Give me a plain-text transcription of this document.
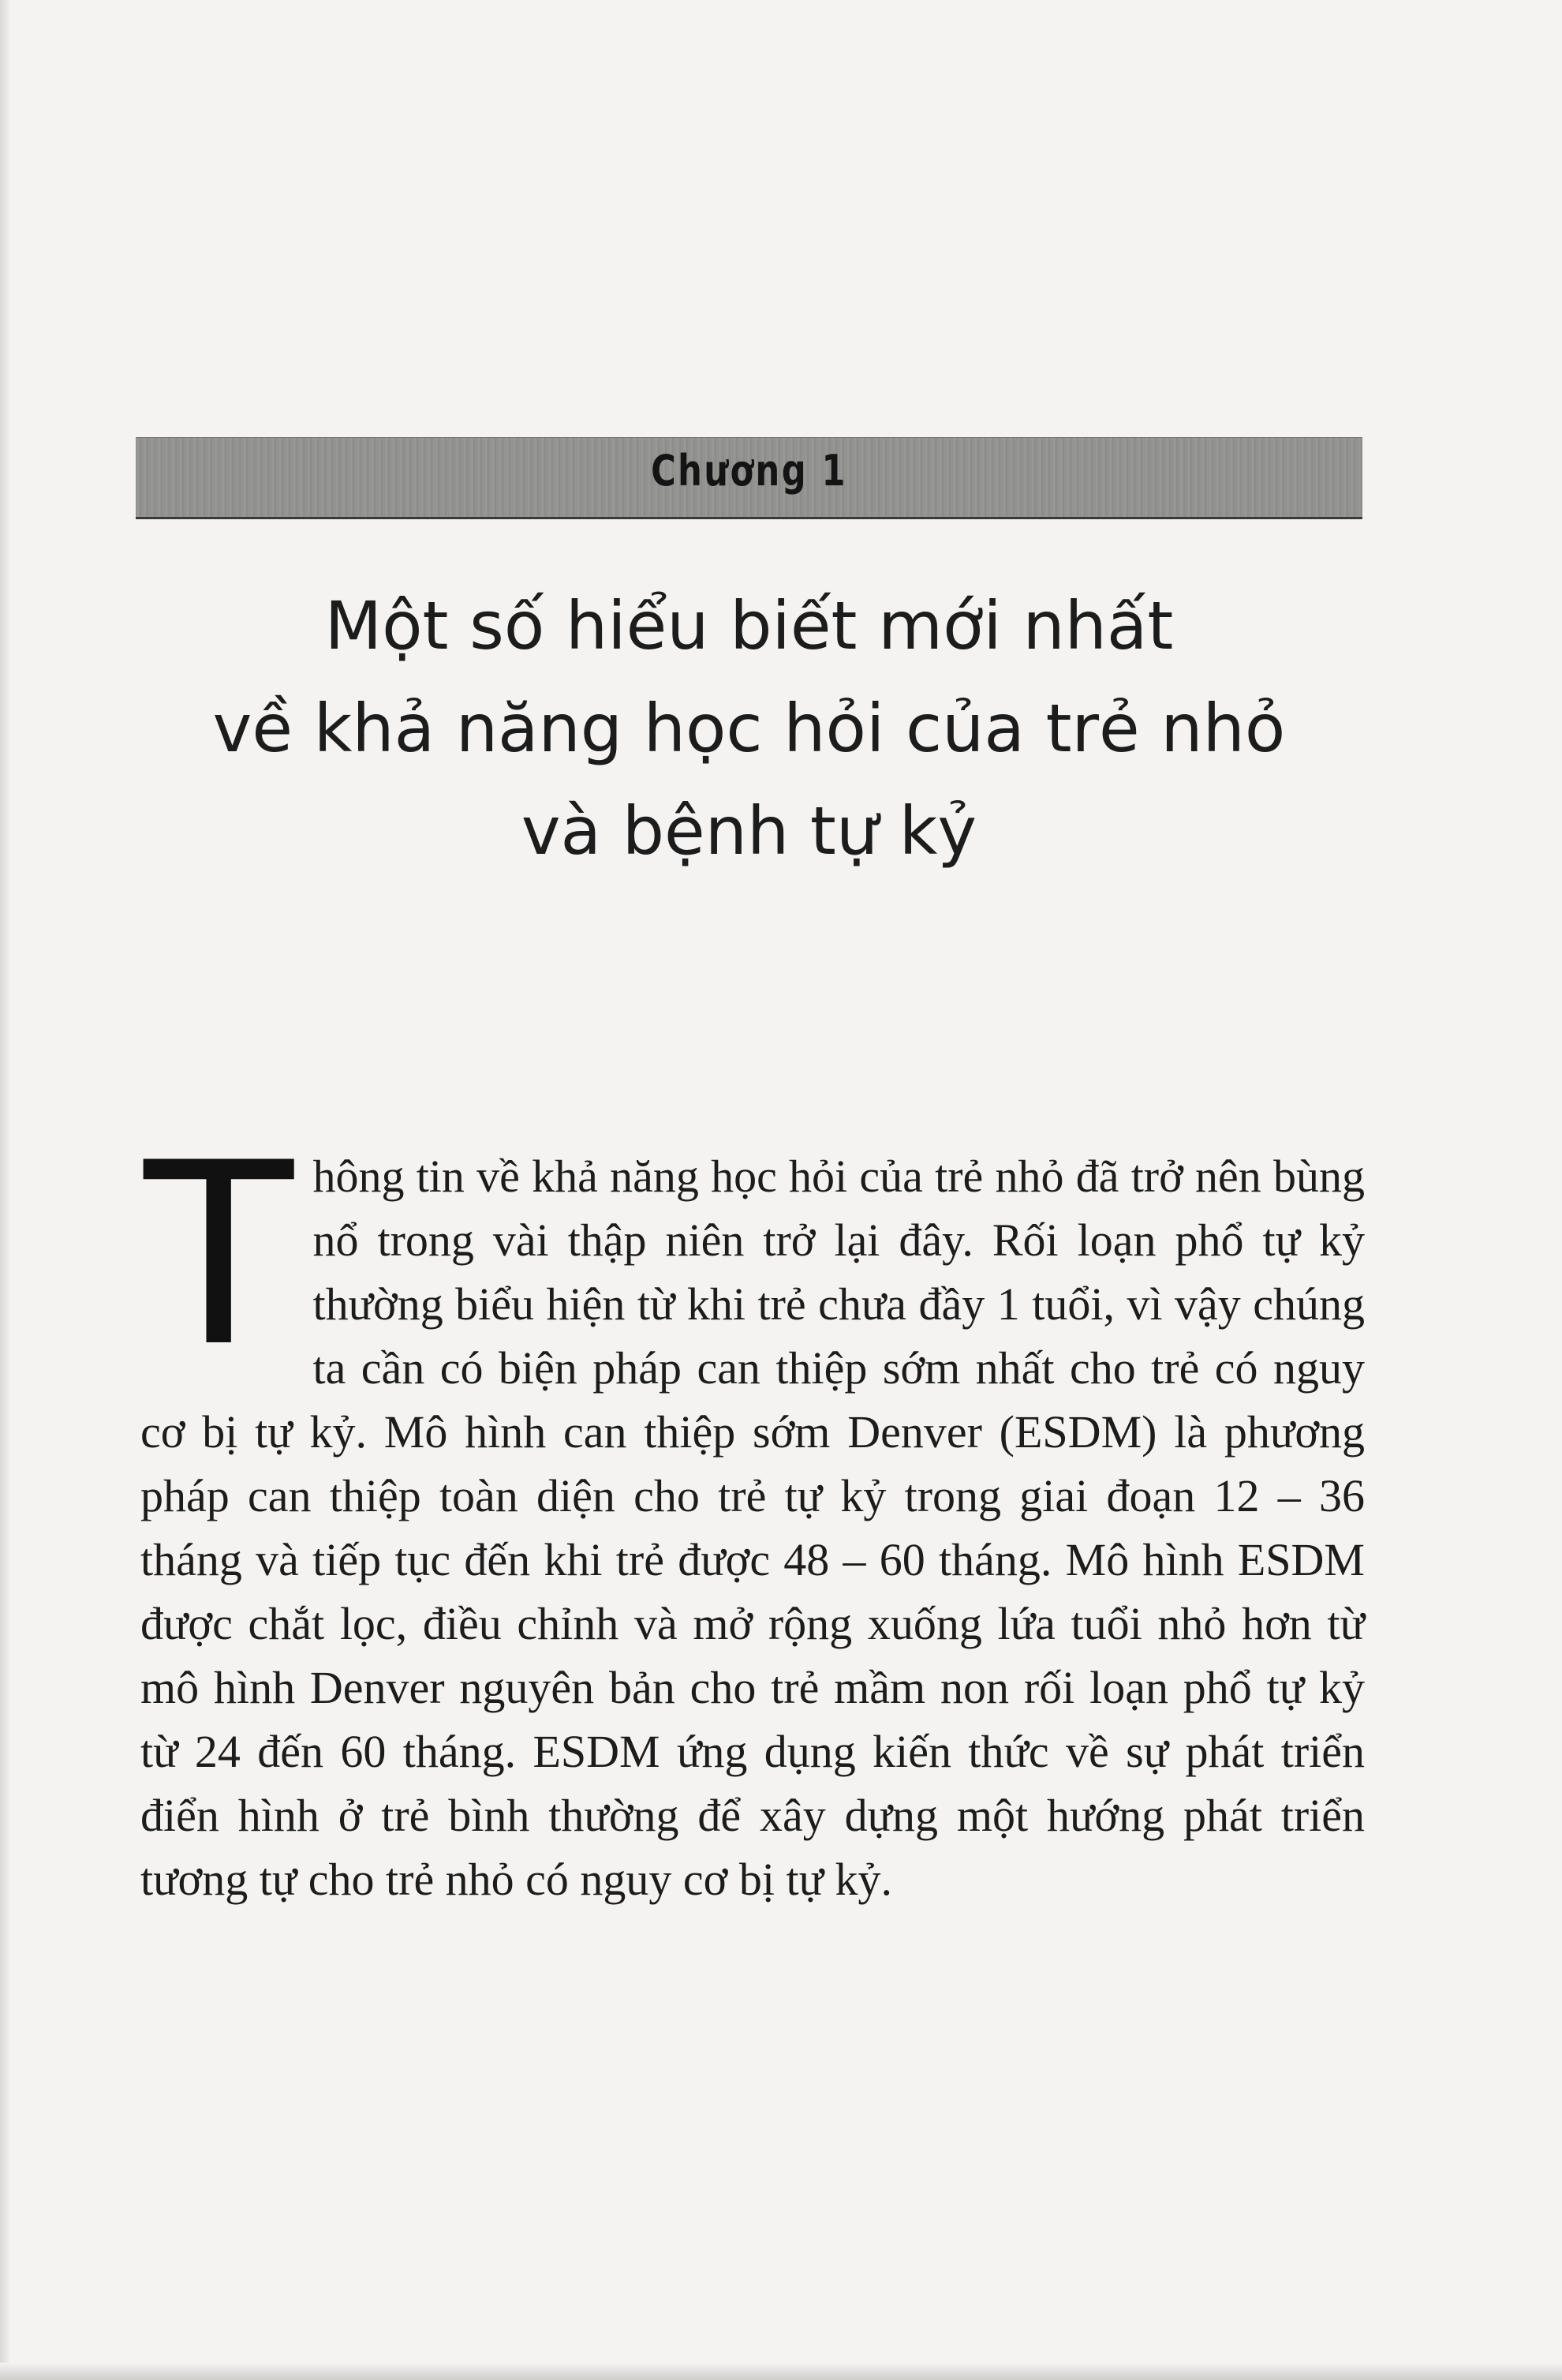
Chương 1
Một số hiểu biết mới nhất
về khả năng học hỏi của trẻ nhỏ
và bệnh tự kỷ

Thông tin về khả năng học hỏi của trẻ nhỏ đã trở nên bùng nổ trong vài thập niên trở lại đây. Rối loạn phổ tự kỷ thường biểu hiện từ khi trẻ chưa đầy 1 tuổi, vì vậy chúng ta cần có biện pháp can thiệp sớm nhất cho trẻ có nguy cơ bị tự kỷ. Mô hình can thiệp sớm Denver (ESDM) là phương pháp can thiệp toàn diện cho trẻ tự kỷ trong giai đoạn 12 – 36 tháng và tiếp tục đến khi trẻ được 48 – 60 tháng. Mô hình ESDM được chắt lọc, điều chỉnh và mở rộng xuống lứa tuổi nhỏ hơn từ mô hình Denver nguyên bản cho trẻ mầm non rối loạn phổ tự kỷ từ 24 đến 60 tháng. ESDM ứng dụng kiến thức về sự phát triển điển hình ở trẻ bình thường để xây dựng một hướng phát triển tương tự cho trẻ nhỏ có nguy cơ bị tự kỷ.
